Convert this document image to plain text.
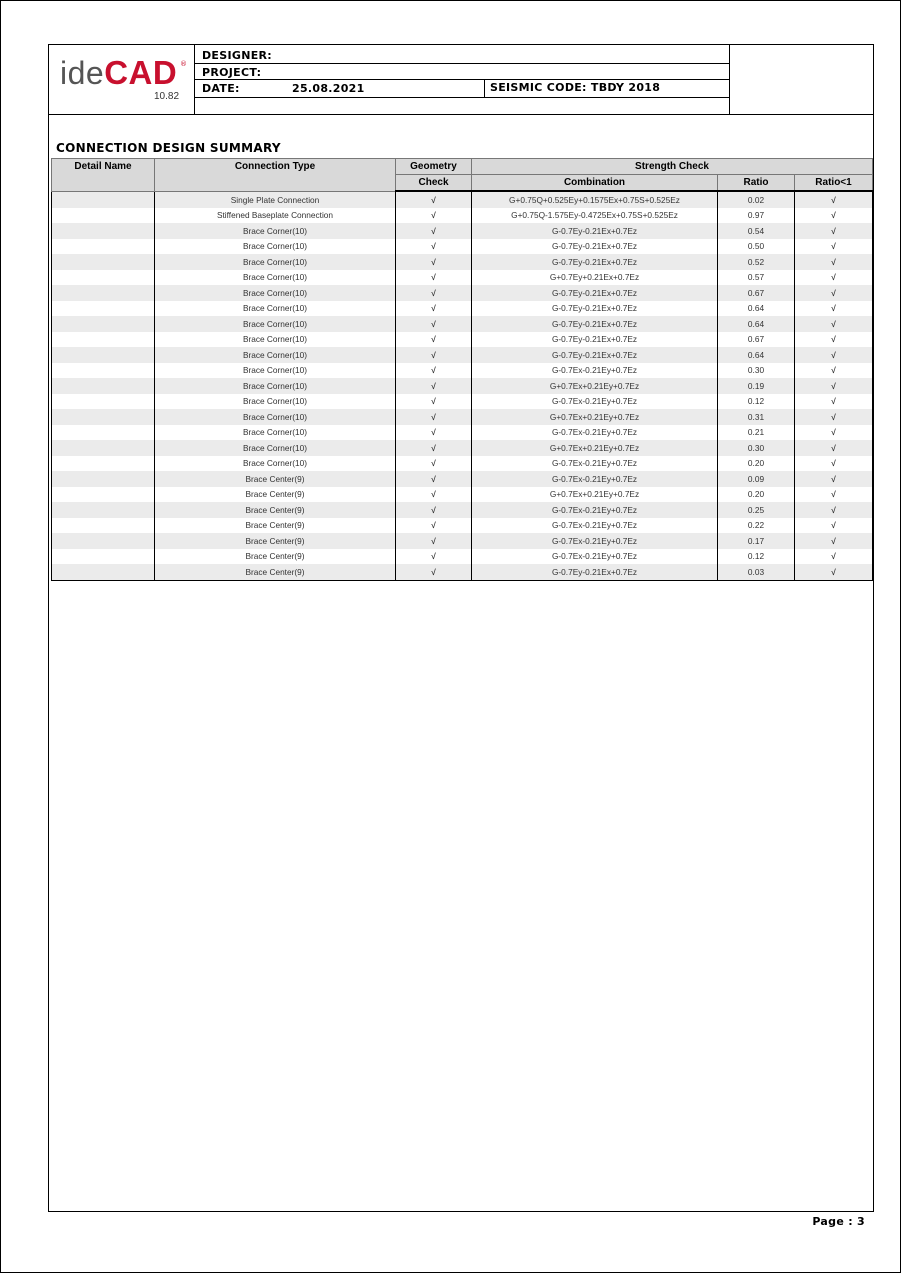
ideCAD ®
10.82
DESIGNER:
PROJECT:
DATE:	25.08.2021	SEISMIC CODE: TBDY 2018
CONNECTION DESIGN SUMMARY
Detail Name	Connection Type	Geometry	Strength Check		
		Check	Combination	Ratio	Ratio<1
	Single Plate Connection	√	G+0.75Q+0.525Ey+0.1575Ex+0.75S+0.525Ez	0.02	√
	Stiffened Baseplate Connection	√	G+0.75Q-1.575Ey-0.4725Ex+0.75S+0.525Ez	0.97	√
	Brace Corner(10)	√	G-0.7Ey-0.21Ex+0.7Ez	0.54	√
	Brace Corner(10)	√	G-0.7Ey-0.21Ex+0.7Ez	0.50	√
	Brace Corner(10)	√	G-0.7Ey-0.21Ex+0.7Ez	0.52	√
	Brace Corner(10)	√	G+0.7Ey+0.21Ex+0.7Ez	0.57	√
	Brace Corner(10)	√	G-0.7Ey-0.21Ex+0.7Ez	0.67	√
	Brace Corner(10)	√	G-0.7Ey-0.21Ex+0.7Ez	0.64	√
	Brace Corner(10)	√	G-0.7Ey-0.21Ex+0.7Ez	0.64	√
	Brace Corner(10)	√	G-0.7Ey-0.21Ex+0.7Ez	0.67	√
	Brace Corner(10)	√	G-0.7Ey-0.21Ex+0.7Ez	0.64	√
	Brace Corner(10)	√	G-0.7Ex-0.21Ey+0.7Ez	0.30	√
	Brace Corner(10)	√	G+0.7Ex+0.21Ey+0.7Ez	0.19	√
	Brace Corner(10)	√	G-0.7Ex-0.21Ey+0.7Ez	0.12	√
	Brace Corner(10)	√	G+0.7Ex+0.21Ey+0.7Ez	0.31	√
	Brace Corner(10)	√	G-0.7Ex-0.21Ey+0.7Ez	0.21	√
	Brace Corner(10)	√	G+0.7Ex+0.21Ey+0.7Ez	0.30	√
	Brace Corner(10)	√	G-0.7Ex-0.21Ey+0.7Ez	0.20	√
	Brace Center(9)	√	G-0.7Ex-0.21Ey+0.7Ez	0.09	√
	Brace Center(9)	√	G+0.7Ex+0.21Ey+0.7Ez	0.20	√
	Brace Center(9)	√	G-0.7Ex-0.21Ey+0.7Ez	0.25	√
	Brace Center(9)	√	G-0.7Ex-0.21Ey+0.7Ez	0.22	√
	Brace Center(9)	√	G-0.7Ex-0.21Ey+0.7Ez	0.17	√
	Brace Center(9)	√	G-0.7Ex-0.21Ey+0.7Ez	0.12	√
	Brace Center(9)	√	G-0.7Ey-0.21Ex+0.7Ez	0.03	√
Page : 3
